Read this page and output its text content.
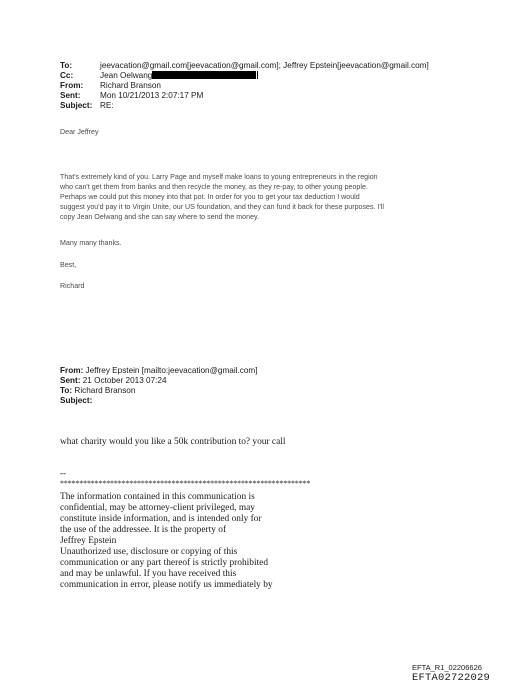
To:	jeevacation@gmail.com[jeevacation@gmail.com]; Jeffrey Epstein[jeevacation@gmail.com]
Cc:	Jean Oelwang
From:	Richard Branson
Sent:	Mon 10/21/2013 2:07:17 PM
Subject: RE:
Dear Jeffrey
That's extremely kind of you. Larry Page and myself make loans to young entrepreneurs in the region
who can't get them from banks and then recycle the money, as they re-pay, to other young people.
Perhaps we could put this money into that pot. In order for you to get your tax deduction I would
suggest you'd pay it to Virgin Unite, our US foundation, and they can fund it back for these purposes. I'll
copy Jean Oelwang and she can say where to send the money.
Many many thanks.
Best,
Richard
From: Jeffrey Epstein [mailto:jeevacation@gmail.com]
Sent: 21 October 2013 07:24
To: Richard Branson
Subject:
what charity would you like a 50k contribution to? your call
--
*****************************************************************
The information contained in this communication is
confidential, may be attorney-client privileged, may
constitute inside information, and is intended only for
the use of the addressee. It is the property of
Jeffrey Epstein
Unauthorized use, disclosure or copying of this
communication or any part thereof is strictly prohibited
and may be unlawful. If you have received this
communication in error, please notify us immediately by
EFTA_R1_02206626
EFTA02722029
